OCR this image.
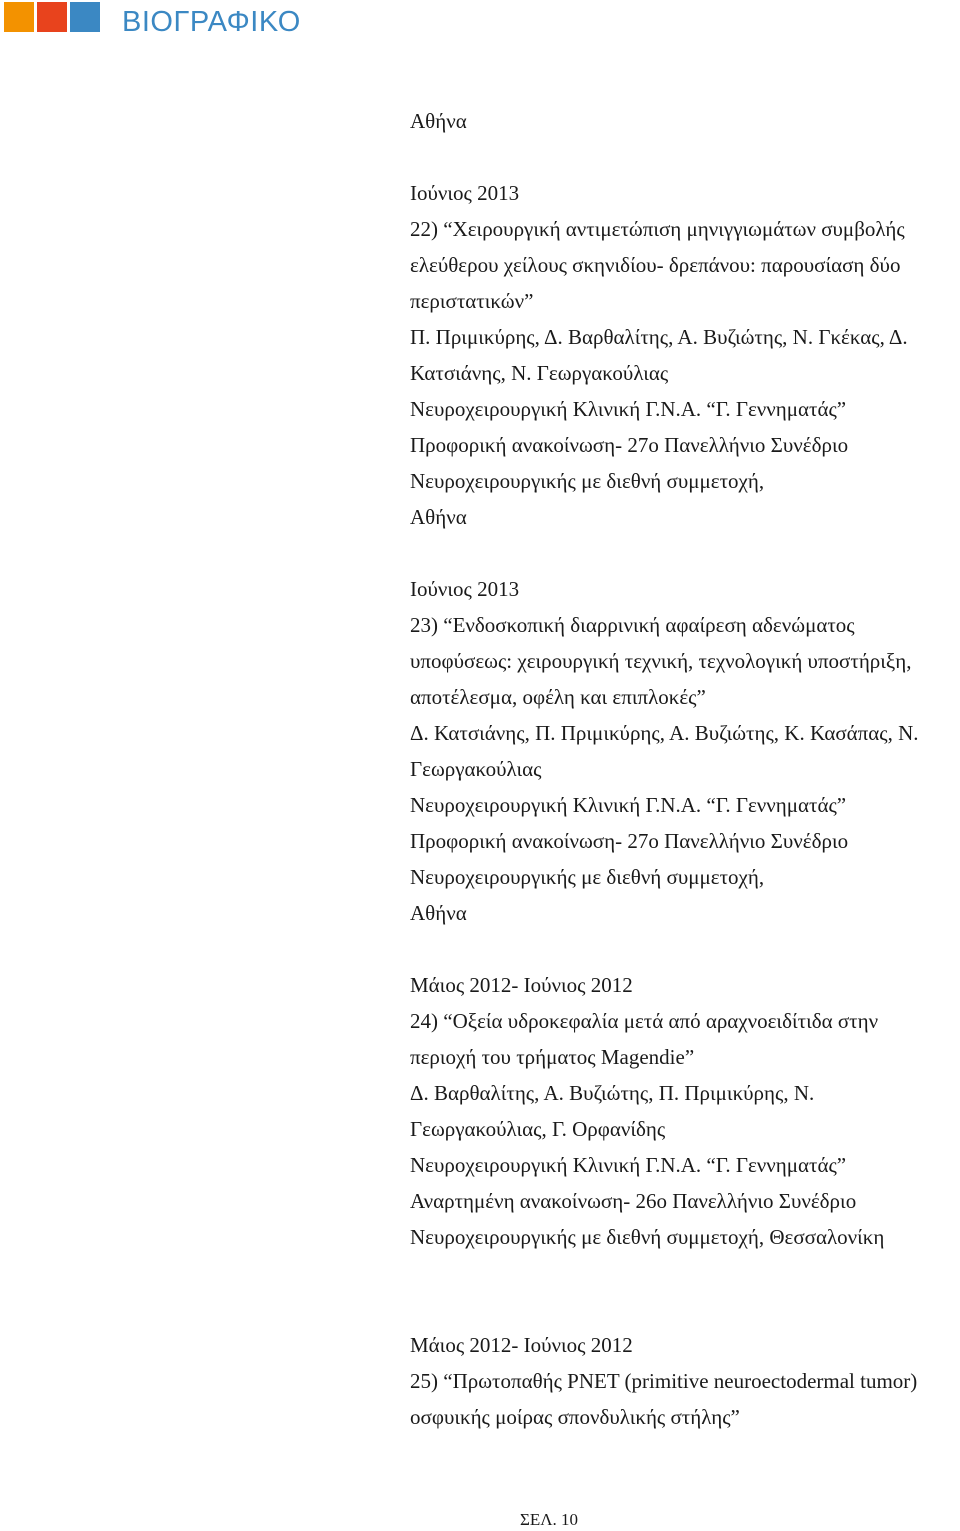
ΒΙΟΓΡΑΦΙΚΟ
Αθήνα
Ιούνιος 2013
22) “Χειρουργική αντιμετώπιση μηνιγγιωμάτων συμβολής
ελεύθερου χείλους σκηνιδίου- δρεπάνου: παρουσίαση δύο
περιστατικών”
Π. Πριμικύρης, Δ. Βαρθαλίτης, Α. Βυζιώτης, Ν. Γκέκας, Δ.
Κατσιάνης, Ν. Γεωργακούλιας
Νευροχειρουργική Κλινική Γ.Ν.Α. “Γ. Γεννηματάς”
Προφορική ανακοίνωση- 27ο Πανελλήνιο Συνέδριο
Νευροχειρουργικής με διεθνή συμμετοχή,
Αθήνα
Ιούνιος 2013
23) “Ενδοσκοπική διαρρινική αφαίρεση αδενώματος
υποφύσεως: χειρουργική τεχνική, τεχνολογική υποστήριξη,
αποτέλεσμα, οφέλη και επιπλοκές”
Δ. Κατσιάνης, Π. Πριμικύρης, Α. Βυζιώτης, Κ. Κασάπας, Ν.
Γεωργακούλιας
Νευροχειρουργική Κλινική Γ.Ν.Α. “Γ. Γεννηματάς”
Προφορική ανακοίνωση- 27ο Πανελλήνιο Συνέδριο
Νευροχειρουργικής με διεθνή συμμετοχή,
Αθήνα
Μάιος 2012- Ιούνιος 2012
24) “Οξεία υδροκεφαλία μετά από αραχνοειδίτιδα στην
περιοχή του τρήματος Magendie”
Δ. Βαρθαλίτης, Α. Βυζιώτης, Π. Πριμικύρης, Ν.
Γεωργακούλιας, Γ. Ορφανίδης
Νευροχειρουργική Κλινική Γ.Ν.Α. “Γ. Γεννηματάς”
Αναρτημένη ανακοίνωση- 26ο Πανελλήνιο Συνέδριο
Νευροχειρουργικής με διεθνή συμμετοχή, Θεσσαλονίκη
Μάιος 2012- Ιούνιος 2012
25) “Πρωτοπαθής PNET (primitive neuroectodermal tumor)
οσφυικής μοίρας σπονδυλικής στήλης”
ΣΕΛ. 10
